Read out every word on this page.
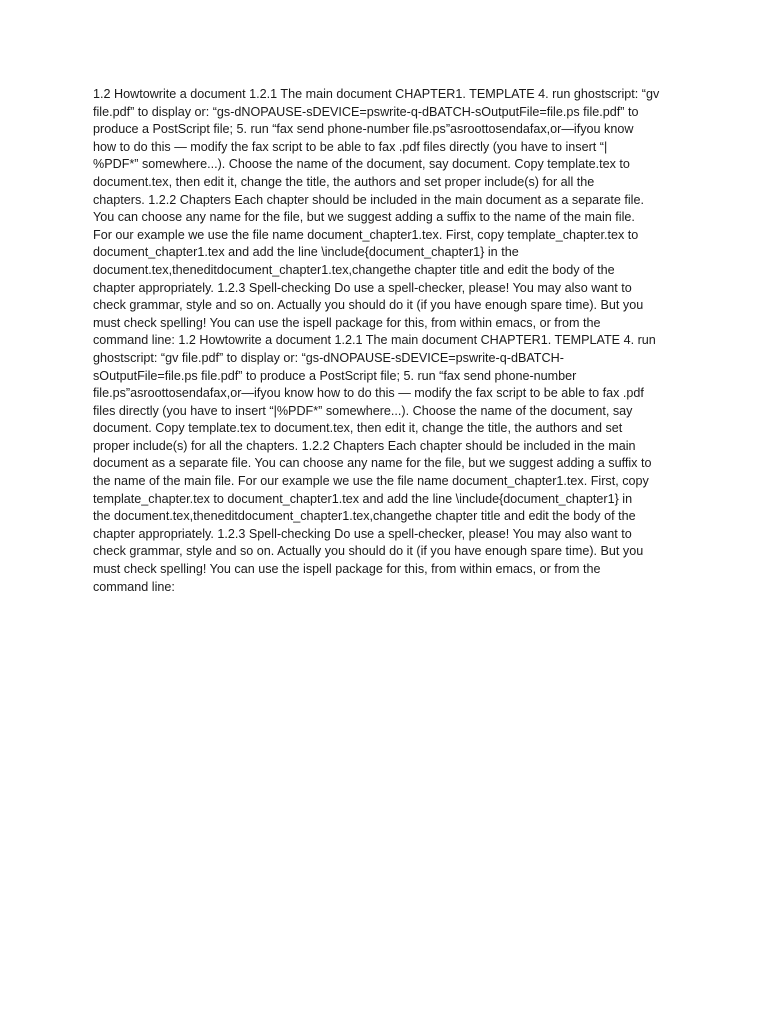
1.2 Howtowrite a document 1.2.1 The main document CHAPTER1. TEMPLATE 4. run ghostscript: “gv
file.pdf” to display or: “gs-dNOPAUSE-sDEVICE=pswrite-q-dBATCH-sOutputFile=file.ps file.pdf” to
produce a PostScript file; 5. run “fax send phone-number file.ps”asroottosendafax,or—ifyou know
how to do this — modify the fax script to be able to fax .pdf files directly (you have to insert “|
%PDF*” somewhere...). Choose the name of the document, say document. Copy template.tex to
document.tex, then edit it, change the title, the authors and set proper include(s) for all the
chapters. 1.2.2 Chapters Each chapter should be included in the main document as a separate file.
You can choose any name for the file, but we suggest adding a suffix to the name of the main file.
For our example we use the file name document_chapter1.tex. First, copy template_chapter.tex to
document_chapter1.tex and add the line \include{document_chapter1} in the
document.tex,theneditdocument_chapter1.tex,changethe chapter title and edit the body of the
chapter appropriately. 1.2.3 Spell-checking Do use a spell-checker, please! You may also want to
check grammar, style and so on. Actually you should do it (if you have enough spare time). But you
must check spelling! You can use the ispell package for this, from within emacs, or from the
command line: 1.2 Howtowrite a document 1.2.1 The main document CHAPTER1. TEMPLATE 4. run
ghostscript: “gv file.pdf” to display or: “gs-dNOPAUSE-sDEVICE=pswrite-q-dBATCH-
sOutputFile=file.ps file.pdf” to produce a PostScript file; 5. run “fax send phone-number
file.ps”asroottosendafax,or—ifyou know how to do this — modify the fax script to be able to fax .pdf
files directly (you have to insert “|%PDF*” somewhere...). Choose the name of the document, say
document. Copy template.tex to document.tex, then edit it, change the title, the authors and set
proper include(s) for all the chapters. 1.2.2 Chapters Each chapter should be included in the main
document as a separate file. You can choose any name for the file, but we suggest adding a suffix to
the name of the main file. For our example we use the file name document_chapter1.tex. First, copy
template_chapter.tex to document_chapter1.tex and add the line \include{document_chapter1} in
the document.tex,theneditdocument_chapter1.tex,changethe chapter title and edit the body of the
chapter appropriately. 1.2.3 Spell-checking Do use a spell-checker, please! You may also want to
check grammar, style and so on. Actually you should do it (if you have enough spare time). But you
must check spelling! You can use the ispell package for this, from within emacs, or from the
command line:
